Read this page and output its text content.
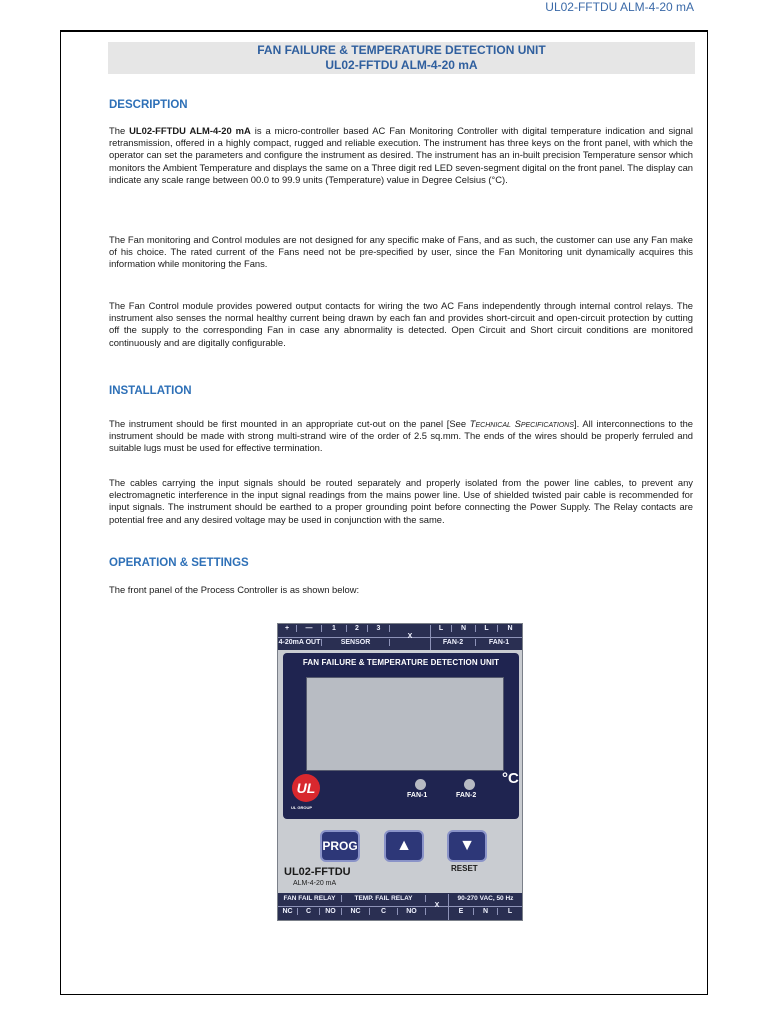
UL02-FFTDU ALM-4-20 mA
FAN FAILURE & TEMPERATURE DETECTION UNIT
UL02-FFTDU ALM-4-20 mA
DESCRIPTION

The UL02-FFTDU ALM-4-20 mA is a micro-controller based AC Fan Monitoring Controller with digital temperature indication and signal retransmission, offered in a highly compact, rugged and reliable execution. The instrument has three keys on the front panel, with which the operator can set the parameters and configure the instrument as desired. The instrument has an in-built precision Temperature sensor which monitors the Ambient Temperature and displays the same on a Three digit red LED seven-segment digital on the front panel. The display can indicate any scale range between 00.0 to 99.9 units (Temperature) value in Degree Celsius (°C).

The Fan monitoring and Control modules are not designed for any specific make of Fans, and as such, the customer can use any Fan make of his choice. The rated current of the Fans need not be pre-specified by user, since the Fan Monitoring unit dynamically acquires this information while monitoring the Fans.

The Fan Control module provides powered output contacts for wiring the two AC Fans independently through internal control relays. The instrument also senses the normal healthy current being drawn by each fan and provides short-circuit and open-circuit protection by cutting off the supply to the corresponding Fan in case any abnormality is detected. Open Circuit and Short circuit conditions are monitored continuously and are digitally configurable.

INSTALLATION

The instrument should be first mounted in an appropriate cut-out on the panel [See Technical Specifications]. All interconnections to the instrument should be made with strong multi-strand wire of the order of 2.5 sq.mm. The ends of the wires should be properly ferruled and suitable lugs must be used for effective termination.

The cables carrying the input signals should be routed separately and properly isolated from the power line cables, to prevent any electromagnetic interference in the input signal readings from the mains power line. Use of shielded twisted pair cable is recommended for input signals. The instrument should be earthed to a proper grounding point before connecting the Power Supply. The Relay contacts are potential free and any desired voltage may be used in conjunction with the same.

OPERATION & SETTINGS

The front panel of the Process Controller is as shown below:

+	—	1	2	3
X
L	N	L	N
4-20mA OUT	SENSOR	FAN-2	FAN-1
FAN FAILURE & TEMPERATURE DETECTION UNIT
°C
UL
UL GROUP
FAN-1	FAN-2
PROG	▲	▼
RESET
UL02-FFTDU
ALM-4-20 mA
FAN FAIL RELAY	TEMP. FAIL RELAY
X
90-270 VAC, 50 Hz
NC	C	NO	NC	C	NO	E	N	L
